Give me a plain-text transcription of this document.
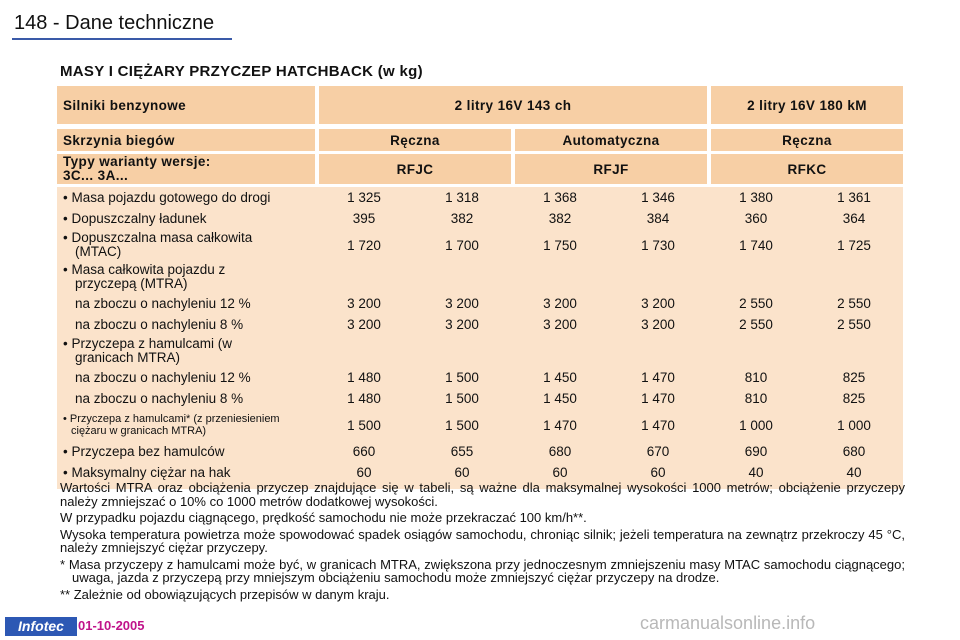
148 - Dane techniczne
MASY I CIĘŻARY PRZYCZEP HATCHBACK (w kg)
Silniki benzynowe	2 litry 16V 143 ch				2 litry 16V 180 kM	

Skrzynia biegów	Ręczna		Automatyczna		Ręczna	

Typy warianty wersje:
3C... 3A...	RFJC		RFJF		RFKC	

• Masa pojazdu gotowego do drogi	1 325	1 318	1 368	1 346	1 380	1 361
• Dopuszczalny ładunek	395	382	382	384	360	364

• Dopuszczalna masa całkowita
(MTAC)	1 720	1 700	1 750	1 730	1 740	1 725

• Masa całkowita pojazdu z
przyczepą (MTRA)						

na zboczu o nachyleniu 12 %	3 200	3 200	3 200	3 200	2 550	2 550
na zboczu o nachyleniu 8 %	3 200	3 200	3 200	3 200	2 550	2 550

• Przyczepa z hamulcami (w
granicach MTRA)						

na zboczu o nachyleniu 12 %	1 480	1 500	1 450	1 470	810	825
na zboczu o nachyleniu 8 %	1 480	1 500	1 450	1 470	810	825

• Przyczepa z hamulcami* (z przeniesieniem
ciężaru w granicach MTRA)	1 500	1 500	1 470	1 470	1 000	1 000
• Przyczepa bez hamulców	660	655	680	670	690	680
• Maksymalny ciężar na hak	60	60	60	60	40	40

Wartości MTRA oraz obciążenia przyczep znajdujące się w tabeli, są ważne dla maksymalnej wysokości 1000 metrów; obciążenie przyczepy należy zmniejszać o 10% co 1000 metrów dodatkowej wysokości.

W przypadku pojazdu ciągnącego, prędkość samochodu nie może przekraczać 100 km/h**.

Wysoka temperatura powietrza może spowodować spadek osiągów samochodu, chroniąc silnik; jeżeli temperatura na zewnątrz przekroczy 45 °C, należy zmniejszyć ciężar przyczepy.

* Masa przyczepy z hamulcami może być, w granicach MTRA, zwiększona przy jednoczesnym zmniejszeniu masy MTAC samochodu ciągnącego; uwaga, jazda z przyczepą przy mniejszym obciążeniu samochodu może zmniejszyć ciężar przyczepy na drodze.

** Zależnie od obowiązujących przepisów w danym kraju.

Infotec	01-10-2005	carmanualsonline.info
